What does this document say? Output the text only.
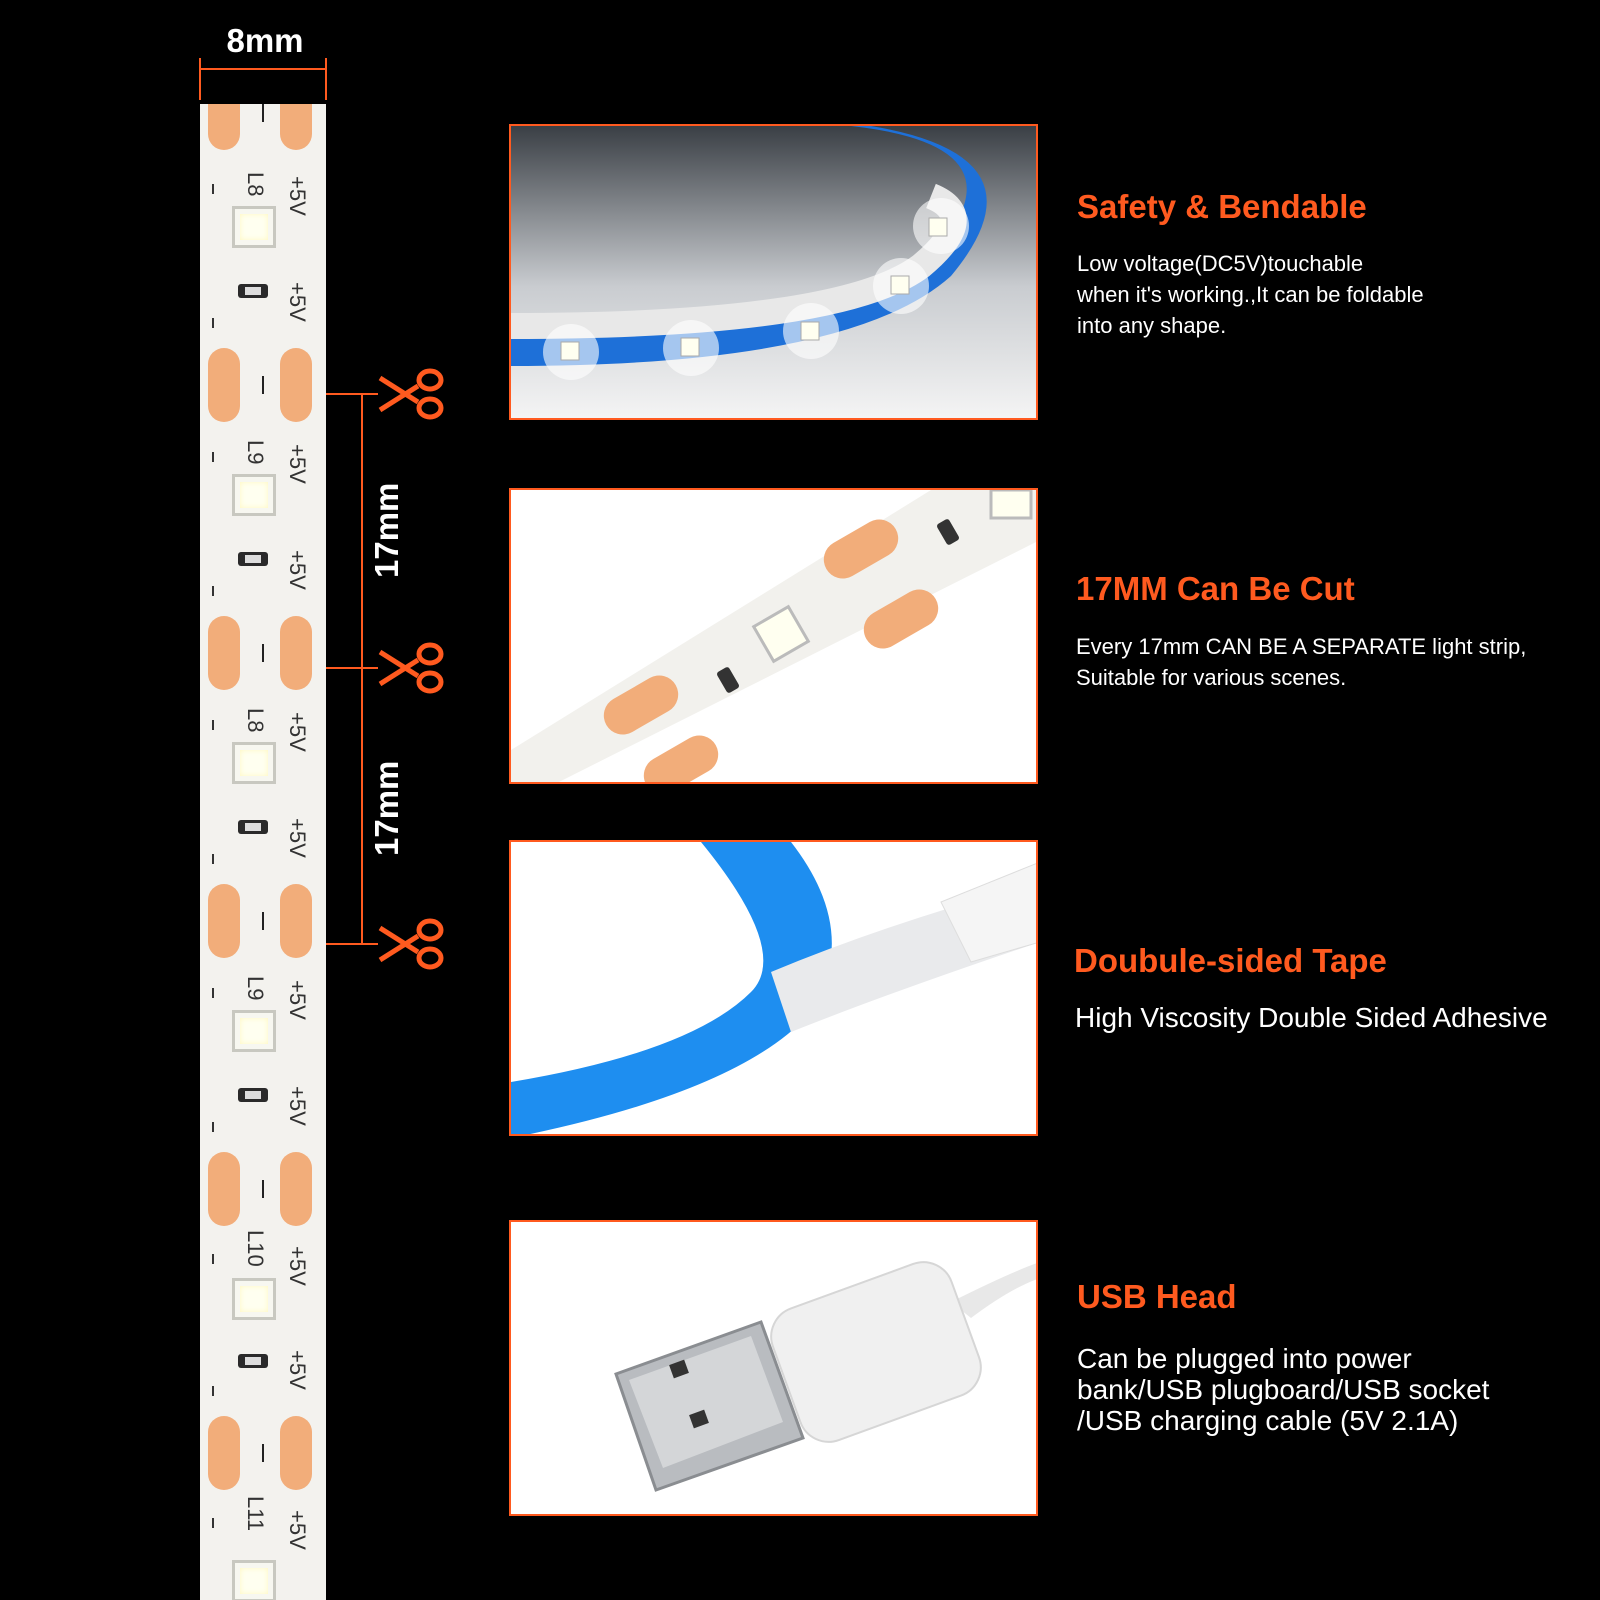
8mm
L8 +5V
+5V
L9 +5V
+5V
L8 +5V
+5V
L9 +5V
+5V
L10 +5V
+5V
L11 +5V
17mm
17mm
Safety & Bendable
Low voltage(DC5V)touchable
when it's working.,It can be foldable
into any shape.
17MM Can Be Cut
Every 17mm CAN BE A SEPARATE light strip,
Suitable for various scenes.
Doubule-sided Tape
High Viscosity Double Sided Adhesive
USB Head
Can be plugged into power
bank/USB plugboard/USB socket
/USB charging cable (5V 2.1A)
